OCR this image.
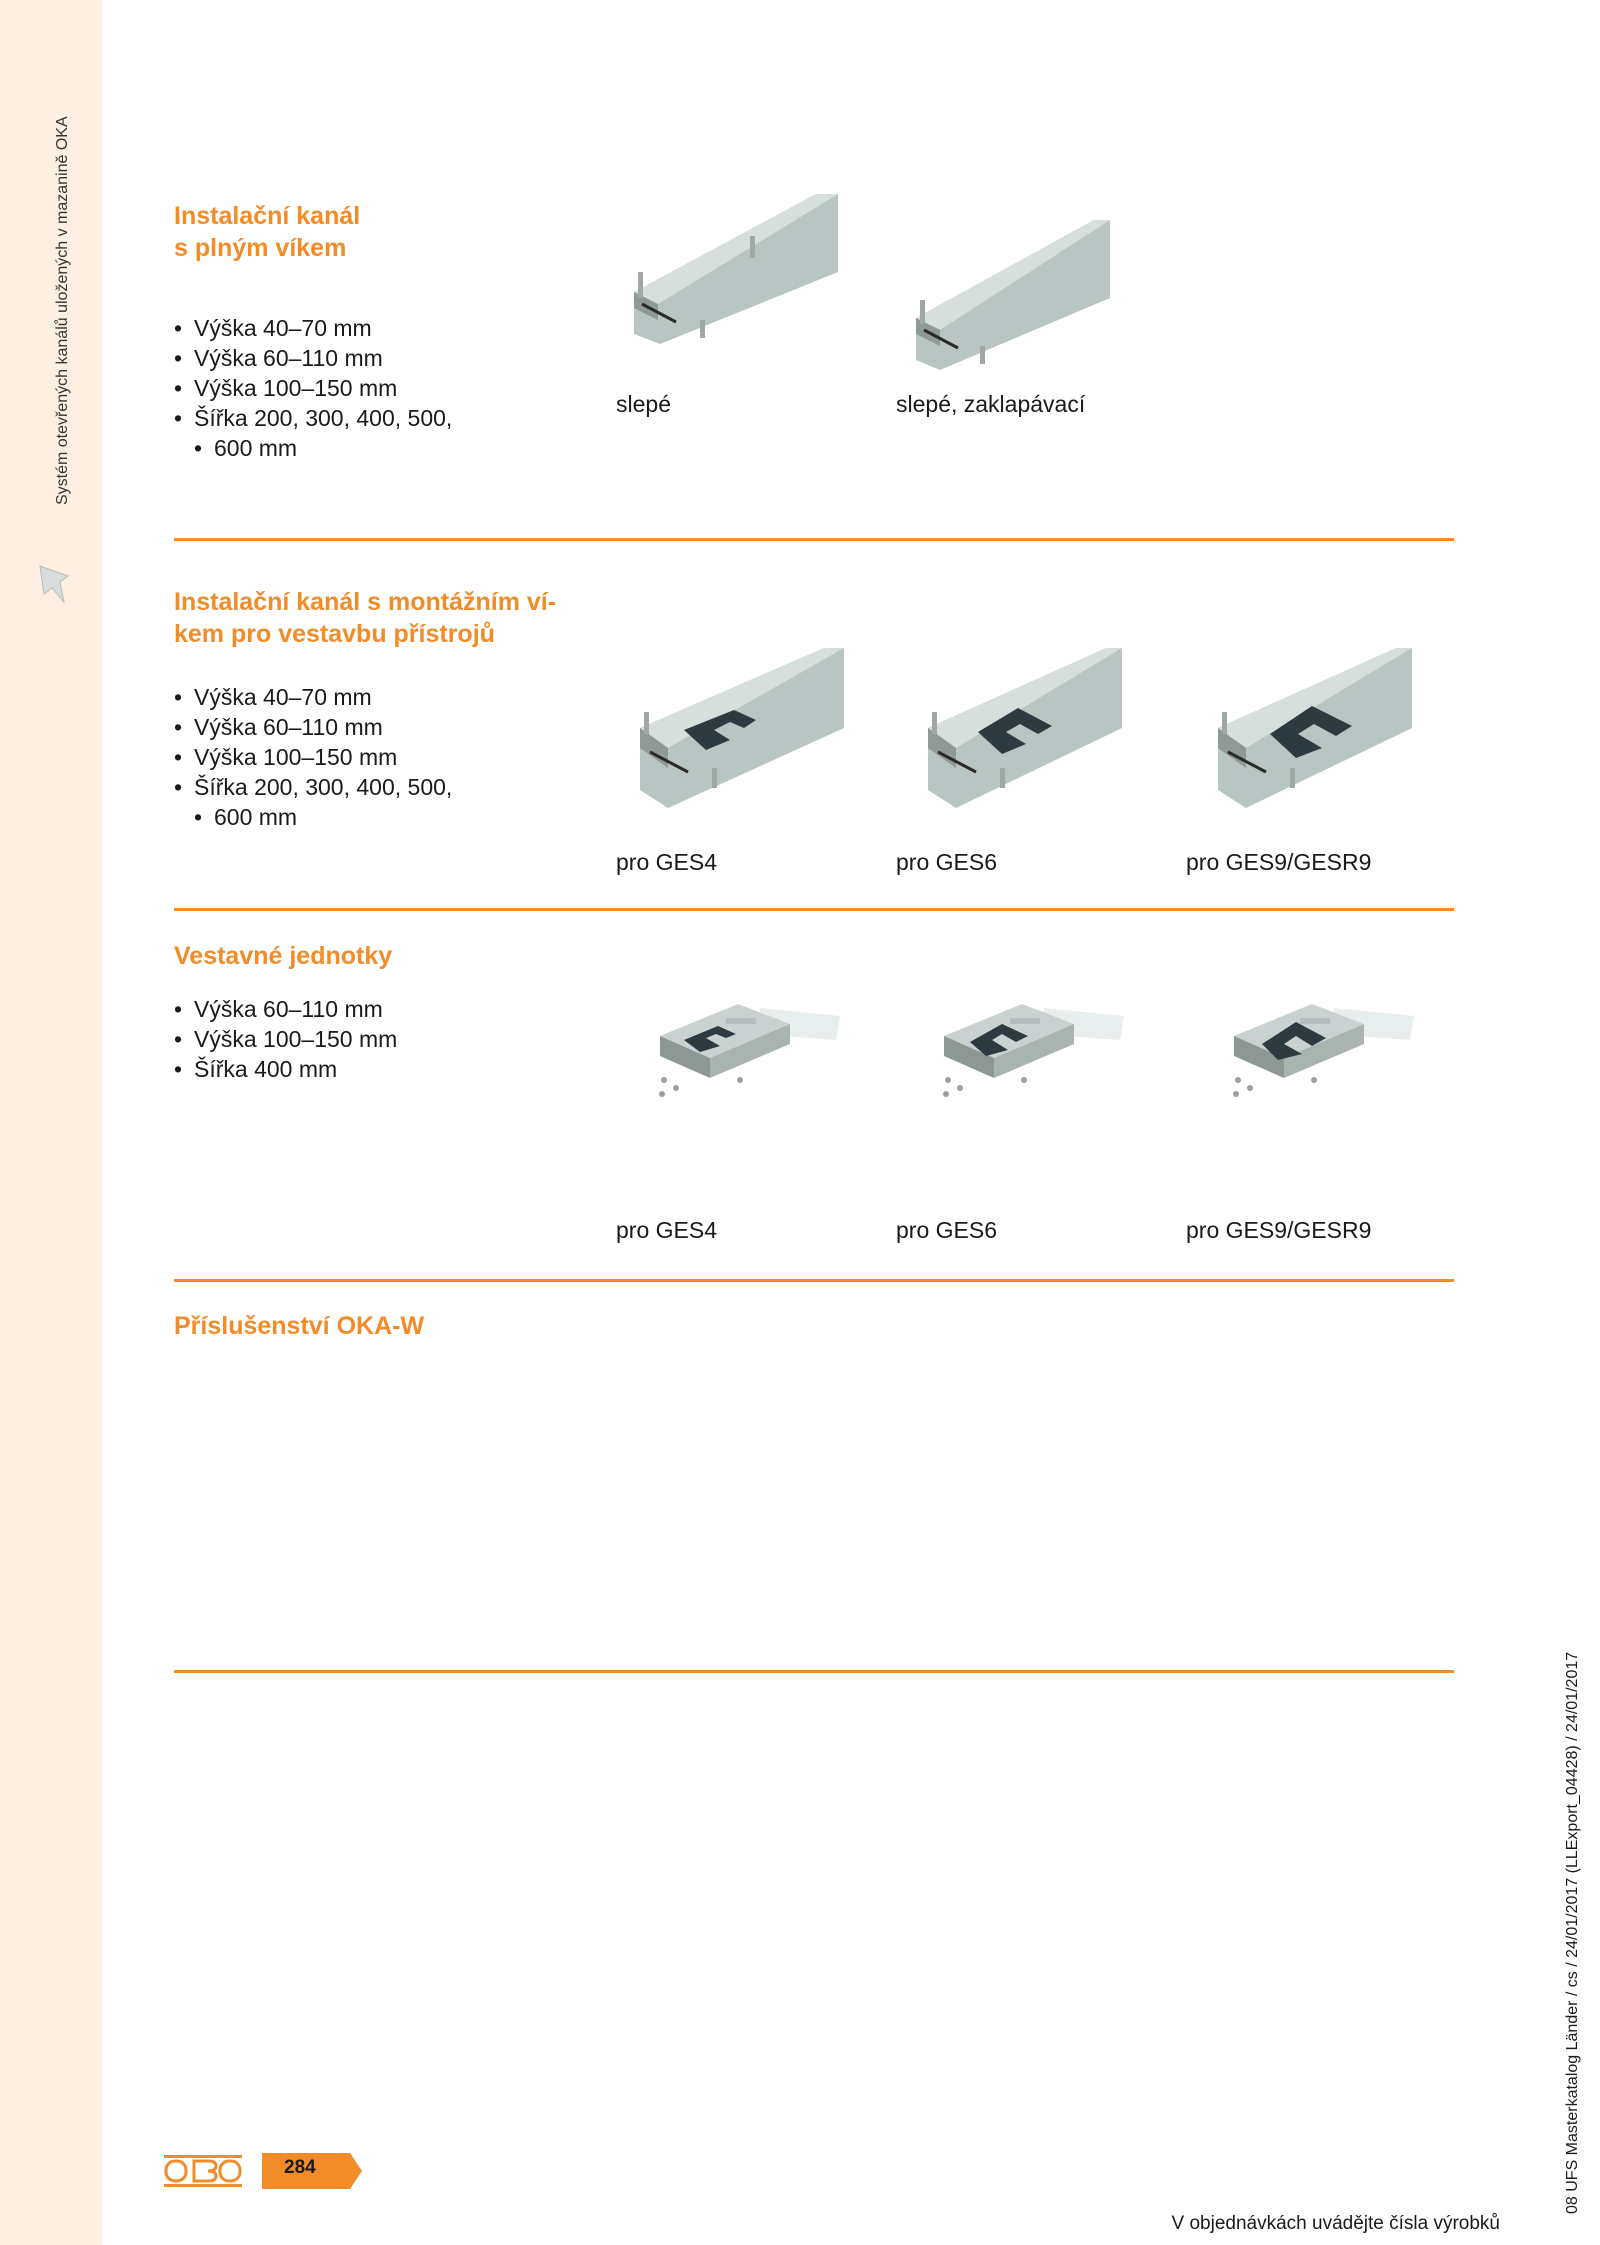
Systém otevřených kanálů uložených v mazanině OKA	Instalační kanál
s plným víkem
• Výška 40–70 mm
• Výška 60–110 mm
• Výška 100–150 mm
• Šířka 200, 300, 400, 500,
• 600 mm
slepé	slepé, zaklapávací
Instalační kanál s montážním ví-
kem pro vestavbu přístrojů
• Výška 40–70 mm
• Výška 60–110 mm
• Výška 100–150 mm
• Šířka 200, 300, 400, 500,
• 600 mm
pro GES4	pro GES6	pro GES9/GESR9
Vestavné jednotky
• Výška 60–110 mm
• Výška 100–150 mm
• Šířka 400 mm
pro GES4	pro GES6	pro GES9/GESR9
Příslušenství OKA-W
284
V objednávkách uvádějte čísla výrobků
08 UFS Masterkatalog Länder / cs / 24/01/2017 (LLExport_04428) / 24/01/2017
